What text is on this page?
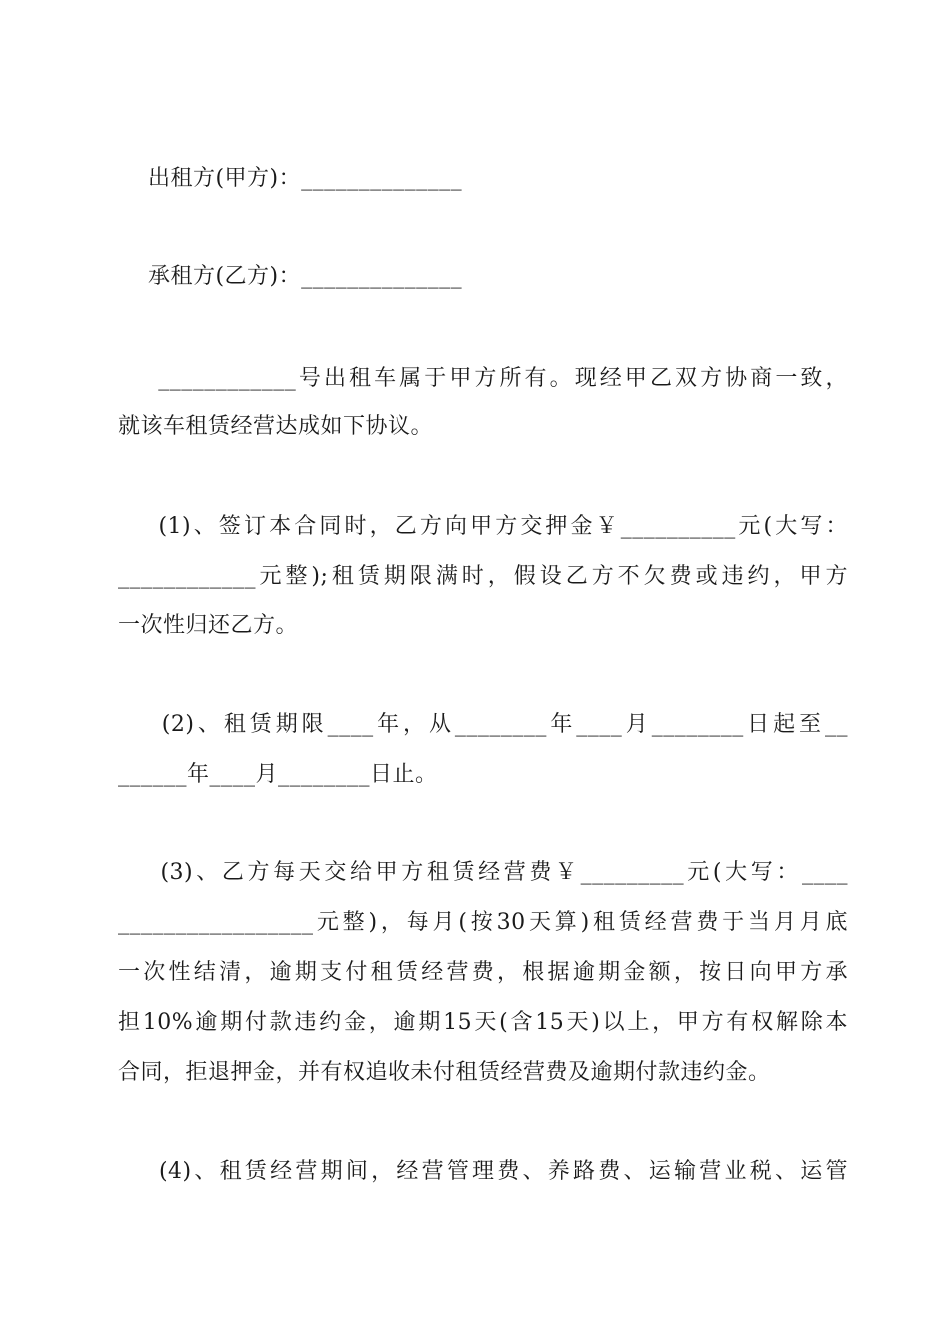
出租方(甲方)：______________
承租方(乙方)：______________
____________号出租车属于甲方所有。现经甲乙双方协商一致，
就该车租赁经营达成如下协议。
(1)、签订本合同时，乙方向甲方交押金￥__________元(大写：
____________元整);租赁期限满时，假设乙方不欠费或违约，甲方
一次性归还乙方。
(2)、租赁期限____年，从________年____月________日起至__
______年____月________日止。
(3)、乙方每天交给甲方租赁经营费￥_________元(大写：____
_________________元整)，每月(按30天算)租赁经营费于当月月底
一次性结清，逾期支付租赁经营费，根据逾期金额，按日向甲方承
担10%逾期付款违约金，逾期15天(含15天)以上，甲方有权解除本
合同，拒退押金，并有权追收未付租赁经营费及逾期付款违约金。
(4)、租赁经营期间，经营管理费、养路费、运输营业税、运管
